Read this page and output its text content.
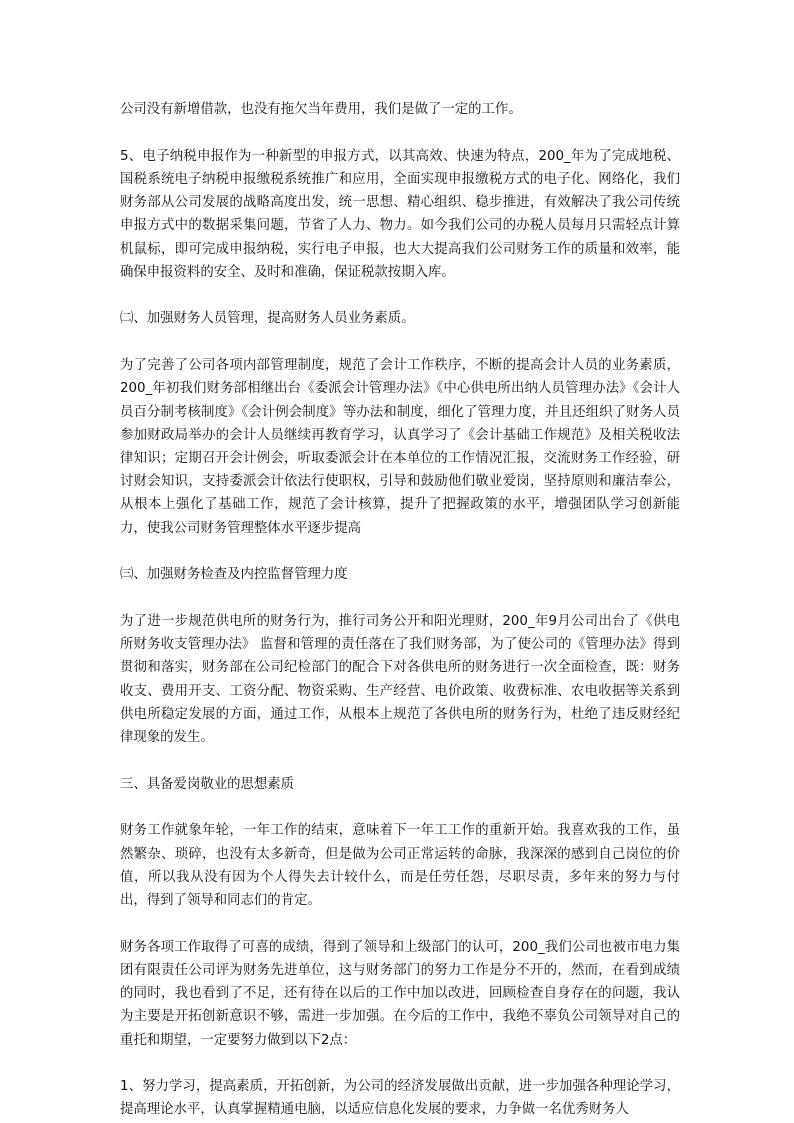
公司没有新增借款，也没有拖欠当年费用，我们是做了一定的工作。

5、电子纳税申报作为一种新型的申报方式，以其高效、快速为特点，200_年为了完成地税、国税系统电子纳税申报缴税系统推广和应用，全面实现申报缴税方式的电子化、网络化，我们财务部从公司发展的战略高度出发，统一思想、精心组织、稳步推进，有效解决了我公司传统申报方式中的数据采集问题，节省了人力、物力。如今我们公司的办税人员每月只需轻点计算机鼠标，即可完成申报纳税，实行电子申报，也大大提高我们公司财务工作的质量和效率，能确保申报资料的安全、及时和准确，保证税款按期入库。

㈡、加强财务人员管理，提高财务人员业务素质。

为了完善了公司各项内部管理制度，规范了会计工作秩序，不断的提高会计人员的业务素质，200_年初我们财务部相继出台《委派会计管理办法》《中心供电所出纳人员管理办法》《会计人员百分制考核制度》《会计例会制度》等办法和制度，细化了管理力度，并且还组织了财务人员参加财政局举办的会计人员继续再教育学习，认真学习了《会计基础工作规范》及相关税收法律知识；定期召开会计例会，听取委派会计在本单位的工作情况汇报，交流财务工作经验，研讨财会知识，支持委派会计依法行使职权，引导和鼓励他们敬业爱岗，坚持原则和廉洁奉公，从根本上强化了基础工作，规范了会计核算，提升了把握政策的水平，增强团队学习创新能力，使我公司财务管理整体水平逐步提高

㈢、加强财务检查及内控监督管理力度

为了进一步规范供电所的财务行为，推行司务公开和阳光理财，200_年9月公司出台了《供电所财务收支管理办法》 监督和管理的责任落在了我们财务部，为了使公司的《管理办法》得到贯彻和落实，财务部在公司纪检部门的配合下对各供电所的财务进行一次全面检查，既：财务收支、费用开支、工资分配、物资采购、生产经营、电价政策、收费标准、农电收据等关系到供电所稳定发展的方面，通过工作，从根本上规范了各供电所的财务行为，杜绝了违反财经纪律现象的发生。

三、具备爱岗敬业的思想素质

财务工作就象年轮，一年工作的结束，意味着下一年工工作的重新开始。我喜欢我的工作，虽然繁杂、琐碎，也没有太多新奇，但是做为公司正常运转的命脉，我深深的感到自己岗位的价值，所以我从没有因为个人得失去计较什么，而是任劳任怨，尽职尽责，多年来的努力与付出，得到了领导和同志们的肯定。

财务各项工作取得了可喜的成绩，得到了领导和上级部门的认可，200_我们公司也被市电力集团有限责任公司评为财务先进单位，这与财务部门的努力工作是分不开的，然而，在看到成绩的同时，我也看到了不足，还有待在以后的工作中加以改进，回顾检查自身存在的问题，我认为主要是开拓创新意识不够，需进一步加强。在今后的工作中，我绝不辜负公司领导对自己的重托和期望，一定要努力做到以下2点：

1、努力学习，提高素质，开拓创新，为公司的经济发展做出贡献，进一步加强各种理论学习，提高理论水平，认真掌握精通电脑，以适应信息化发展的要求，力争做一名优秀财务人
